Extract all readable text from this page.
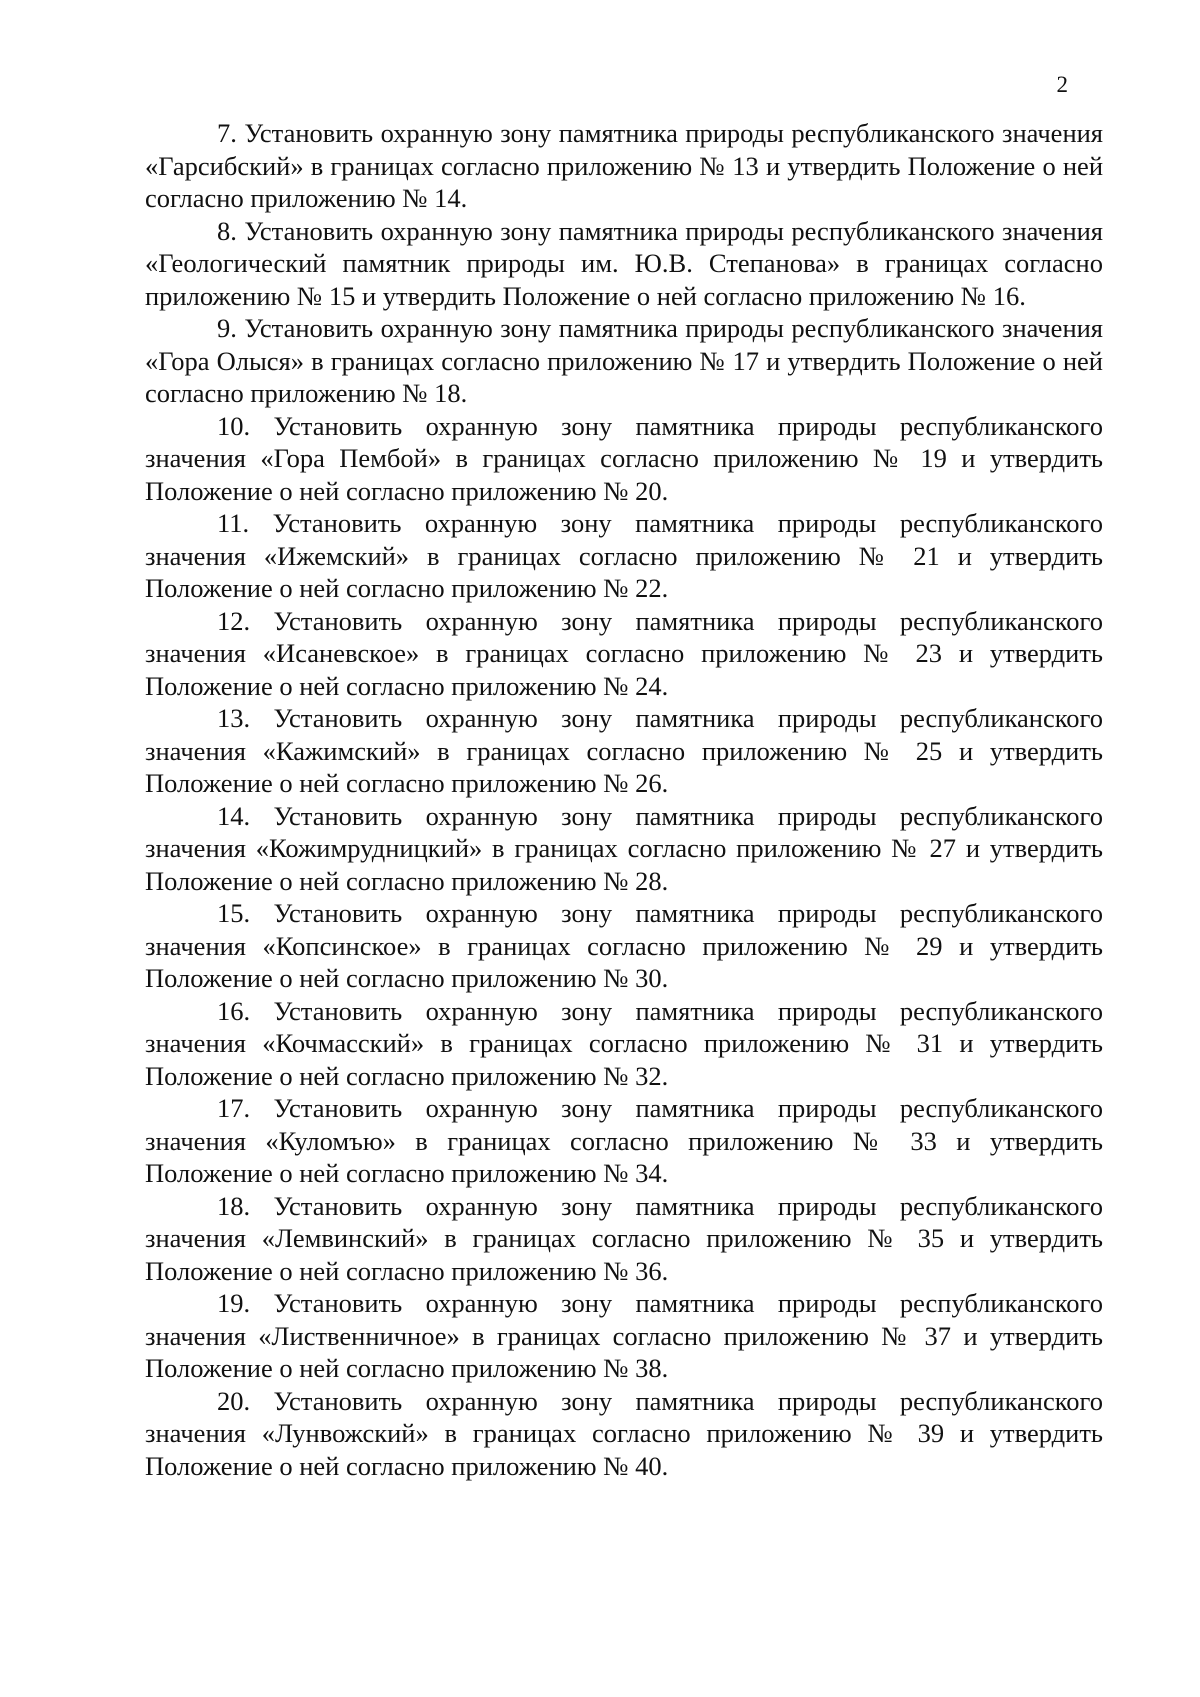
2

7. Установить охранную зону памятника природы республиканского значения «Гарсибский» в границах согласно приложению № 13 и утвердить Положение о ней согласно приложению № 14.

8. Установить охранную зону памятника природы республиканского значения «Геологический памятник природы им. Ю.В. Степанова» в границах согласно приложению № 15 и утвердить Положение о ней согласно приложению № 16.

9. Установить охранную зону памятника природы республиканского значения «Гора Олыся» в границах согласно приложению № 17 и утвердить Положение о ней согласно приложению № 18.

10. Установить охранную зону памятника природы республиканского значения «Гора Пембой» в границах согласно приложению № 19 и утвердить Положение о ней согласно приложению № 20.

11. Установить охранную зону памятника природы республиканского значения «Ижемский» в границах согласно приложению № 21 и утвердить Положение о ней согласно приложению № 22.

12. Установить охранную зону памятника природы республиканского значения «Исаневское» в границах согласно приложению № 23 и утвердить Положение о ней согласно приложению № 24.

13. Установить охранную зону памятника природы республиканского значения «Кажимский» в границах согласно приложению № 25 и утвердить Положение о ней согласно приложению № 26.

14. Установить охранную зону памятника природы республиканского значения «Кожимрудницкий» в границах согласно приложению № 27 и утвердить Положение о ней согласно приложению № 28.

15. Установить охранную зону памятника природы республиканского значения «Копсинское» в границах согласно приложению № 29 и утвердить Положение о ней согласно приложению № 30.

16. Установить охранную зону памятника природы республиканского значения «Кочмасский» в границах согласно приложению № 31 и утвердить Положение о ней согласно приложению № 32.

17. Установить охранную зону памятника природы республиканского значения «Куломъю» в границах согласно приложению № 33 и утвердить Положение о ней согласно приложению № 34.

18. Установить охранную зону памятника природы республиканского значения «Лемвинский» в границах согласно приложению № 35 и утвердить Положение о ней согласно приложению № 36.

19. Установить охранную зону памятника природы республиканского значения «Лиственничное» в границах согласно приложению № 37 и утвердить Положение о ней согласно приложению № 38.

20. Установить охранную зону памятника природы республиканского значения «Лунвожский» в границах согласно приложению № 39 и утвердить Положение о ней согласно приложению № 40.
